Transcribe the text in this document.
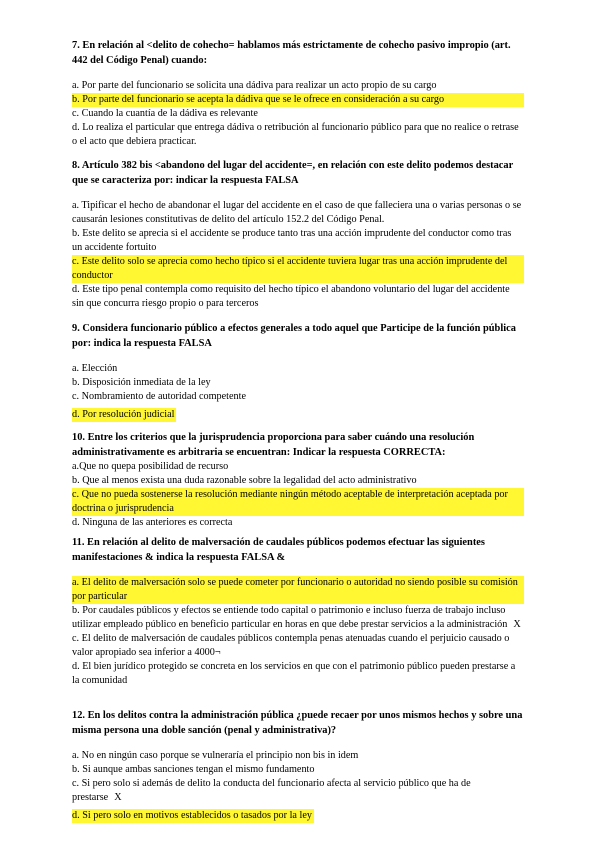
7. En relación al <delito de cohecho= hablamos más estrictamente de cohecho pasivo impropio (art. 442 del Código Penal) cuando:

a. Por parte del funcionario se solicita una dádiva para realizar un acto propio de su cargo

b. Por parte del funcionario se acepta la dádiva que se le ofrece en consideración a su cargo

c. Cuando la cuantía de la dádiva es relevante

d. Lo realiza el particular que entrega dádiva o retribución al funcionario público para que no realice o retrase o el acto que debiera practicar.

8. Artículo 382 bis <abandono del lugar del accidente=, en relación con este delito podemos destacar que se caracteriza por: indicar la respuesta FALSA

a. Tipificar el hecho de abandonar el lugar del accidente en el caso de que falleciera una o varias personas o se causarán lesiones constitutivas de delito del artículo 152.2 del Código Penal.

b. Este delito se aprecia si el accidente se produce tanto tras una acción imprudente del conductor como tras un accidente fortuito

c. Este delito solo se aprecia como hecho típico si el accidente tuviera lugar tras una acción imprudente del conductor

d. Este tipo penal contempla como requisito del hecho típico el abandono voluntario del lugar del accidente sin que concurra riesgo propio o para terceros

9. Considera funcionario público a efectos generales a todo aquel que Participe de la función pública por: indica la respuesta FALSA

a. Elección

b. Disposición inmediata de la ley

c. Nombramiento de autoridad competente

d. Por resolución judicial

10. Entre los criterios que la jurisprudencia proporciona para saber cuándo una resolución administrativamente es arbitraria se encuentran: Indicar la respuesta CORRECTA:

a.Que no quepa posibilidad de recurso

b. Que al menos exista una duda razonable sobre la legalidad del acto administrativo

c. Que no pueda sostenerse la resolución mediante ningún método aceptable de interpretación aceptada por doctrina o jurisprudencia

d. Ninguna de las anteriores es correcta

11. En relación al delito de malversación de caudales públicos podemos efectuar las siguientes manifestaciones & indica la respuesta FALSA &

a. El delito de malversación solo se puede cometer por funcionario o autoridad no siendo posible su comisión por particular

b. Por caudales públicos y efectos se entiende todo capital o patrimonio e incluso fuerza de trabajo incluso utilizar empleado público en beneficio particular en horas en que debe prestar servicios a la administración X

c. El delito de malversación de caudales públicos contempla penas atenuadas cuando el perjuicio causado o valor apropiado sea inferior a 4000¬

d. El bien jurídico protegido se concreta en los servicios en que con el patrimonio público pueden prestarse a la comunidad

12. En los delitos contra la administración pública ¿puede recaer por unos mismos hechos y sobre una misma persona una doble sanción (penal y administrativa)?

a. No en ningún caso porque se vulneraría el principio non bis in idem

b. Si aunque ambas sanciones tengan el mismo fundamento

c. Si pero solo si además de delito la conducta del funcionario afecta al servicio público que ha de prestarse X

d. Si pero solo en motivos establecidos o tasados por la ley
